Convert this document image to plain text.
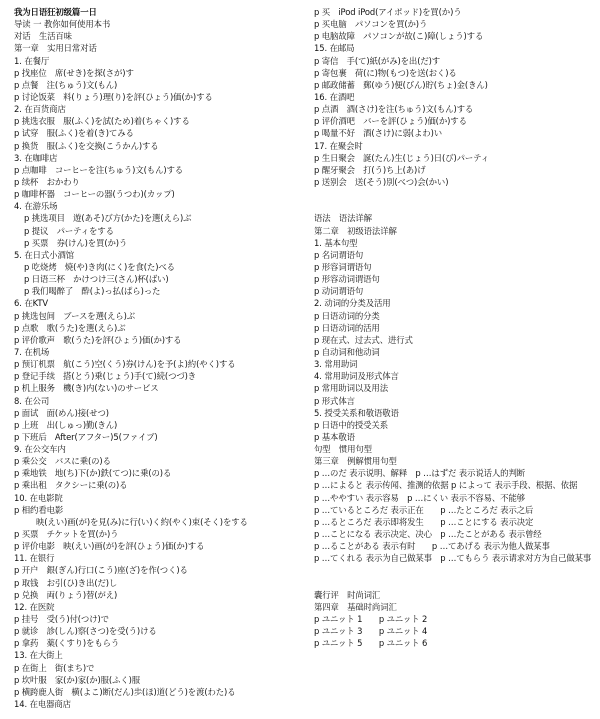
我为日语狂初级篇一日
导读 一 教你如何使用本书
对话　生活百味
第一章　实用日常对话
1. 在餐厅
p 找座位　席(せき)を探(さが)す
p 点餐　注(ちゅう)文(もん)
p 讨论饭菜　料(りょう)理(り)を評(ひょう)価(か)する
2. 在百货商店
p 挑选衣服　服(ふく)を試(ため)着(ちゃく)する
p 试穿　服(ふく)を着(き)てみる
p 换货　服(ふく)を交換(こうかん)する
3. 在咖啡店
p 点咖啡　コーヒーを注(ちゅう)文(もん)する
p 续杯　おかわり
p 咖啡杯器　コーヒーの器(うつわ)(カップ)
4. 在游乐场
p 挑选项目　遊(あそ)び方(かた)を選(えら)ぶ
p 提议　パーティをする
p 买票　券(けん)を買(か)う
5. 在日式小酒馆
p 吃烧烤　焼(や)き肉(にく)を食(た)べる
p 日语三杯　かけつけ三(さん)杯(ばい)
p 我们喝醉了　酔(よ)っ払(ぱら)った
6. 在KTV
p 挑选包间　ブースを選(えら)ぶ
p 点歌　歌(うた)を選(えら)ぶ
p 评价歌声　歌(うた)を評(ひょう)価(か)する
7. 在机场
p 预订机票　航(こう)空(くう)券(けん)を予(よ)約(やく)する
p 登记手续　搭(とう)乗(じょう)手(て)続(つづ)き
p 机上服务　機(き)内(ない)のサービス
8. 在公司
p 面试　面(めん)接(せつ)
p 上班　出(しゅっ)勤(きん)
p 下班后　After(アフター)5(ファイブ)
9. 在公交车内
p 乘公交　バスに乗(の)る
p 乘地铁　地(ち)下(か)鉄(てつ)に乗(の)る
p 乘出租　タクシーに乗(の)る
10. 在电影院
p 相约看电影
映(えい)画(が)を見(み)に行(い)く約(やく)束(そく)をする
p 买票　チケットを買(か)う
p 评价电影　映(えい)画(が)を評(ひょう)価(か)する
11. 在银行
p 开户　銀(ぎん)行口(こう)座(ざ)を作(つく)る
p 取钱　お引(ひ)き出(だ)し
p 兑换　両(りょう)替(がえ)
12. 在医院
p 挂号　受(う)付(つけ)で
p 就诊　診(しん)察(さつ)を受(う)ける
p 拿药　薬(くすり)をもらう
13. 在大街上
p 在街上　街(まち)で
p 坎叶服　家(か)家(か)服(ふく)服
p 横跨鹿人街　横(よこ)断(だん)歩(ほ)道(どう)を渡(わた)る
14. 在电器商店
p 买　iPod iPod(アイポッド)を買(か)う
p 买电脑　パソコンを買(か)う
p 电脑故障　パソコンが故(こ)障(しょう)する
15. 在邮局
p 寄信　手(て)紙(がみ)を出(だ)す
p 寄包裹　荷(に)物(もつ)を送(おく)る
p 邮政储蓄　郵(ゆう)便(びん)貯(ちょ)金(きん)
16. 在酒吧
p 点酒　酒(さけ)を注(ちゅう)文(もん)する
p 评价酒吧　バーを評(ひょう)価(か)する
p 喝量不好　酒(さけ)に弱(よわ)い
17. 在聚会时
p 生日聚会　誕(たん)生(じょう)日(び)パーティ
p 醒牙聚会　打(う)ち上(あ)げ
p 送别会　送(そう)別(べつ)会(かい)
语法　语法详解
第二章　初级语法详解
1. 基本句型
p 名词谓语句
p 形容词谓语句
p 形容动词谓语句
p 动词谓语句
2. 动词的分类及活用
p 日语动词的分类
p 日语动词的活用
p 现在式、过去式、进行式
p 自动词和他动词
3. 常用助词
4. 常用助词及形式体言
p 常用助词以及用法
p 形式体言
5. 授受关系和敬语敬语
p 日语中的授受关系
p 基本敬语
句型　惯用句型
第三章　例解惯用句型
p …のだ 表示说明、解释　p …はずだ 表示说话人的判断
p …によると 表示传闻、推测的依据 p によって 表示手段、根据、依据
p …ややすい 表示容易　p …にくい 表示不容易、不能够
p …ているところだ 表示正在　　p …たところだ 表示之后
p …るところだ 表示即将发生　　p …ことにする 表示决定
p …ことになる 表示决定、决心　p …たことがある 表示曾经
p …ることがある 表示有时　　p …てあげる 表示为他人做某事
p …てくれる 表示为自己做某事　p …てもらう 表示请求对方为自己做某事
囊行评　时尚词汇
第四章　基础时尚词汇
p ユニット 1　　p ユニット 2
p ユニット 3　　p ユニット 4
p ユニット 5　　p ユニット 6
